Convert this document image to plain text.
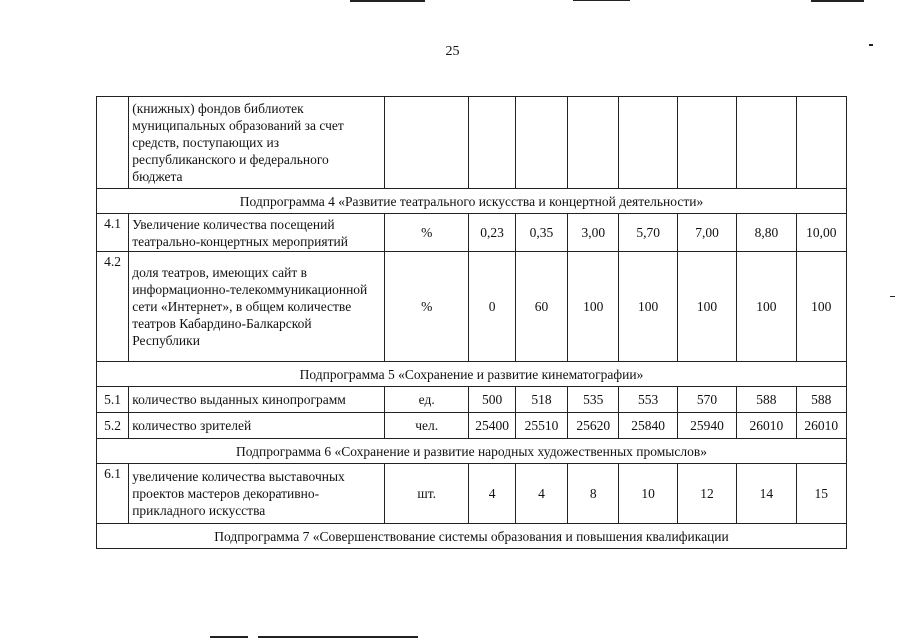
25
	(книжных) фондов библиотек муниципальных образований за счет средств, поступающих из республиканского и федерального бюджета								
Подпрограмма 4 «Развитие театрального искусства и концертной деятельности»									
4.1	Увеличение количества посещений театрально-концертных мероприятий	%	0,23	0,35	3,00	5,70	7,00	8,80	10,00
4.2	доля театров, имеющих сайт в информационно-телекоммуникационной сети «Интернет», в общем количестве театров Кабардино-Балкарской Республики	%	0	60	100	100	100	100	100
Подпрограмма 5 «Сохранение и развитие кинематографии»									
5.1	количество выданных кинопрограмм	ед.	500	518	535	553	570	588	588
5.2	количество зрителей	чел.	25400	25510	25620	25840	25940	26010	26010
Подпрограмма 6 «Сохранение и развитие народных художественных промыслов»									
6.1	увеличение количества выставочных проектов мастеров декоративно-прикладного искусства	шт.	4	4	8	10	12	14	15
Подпрограмма 7 «Совершенствование системы образования и повышения квалификации									
